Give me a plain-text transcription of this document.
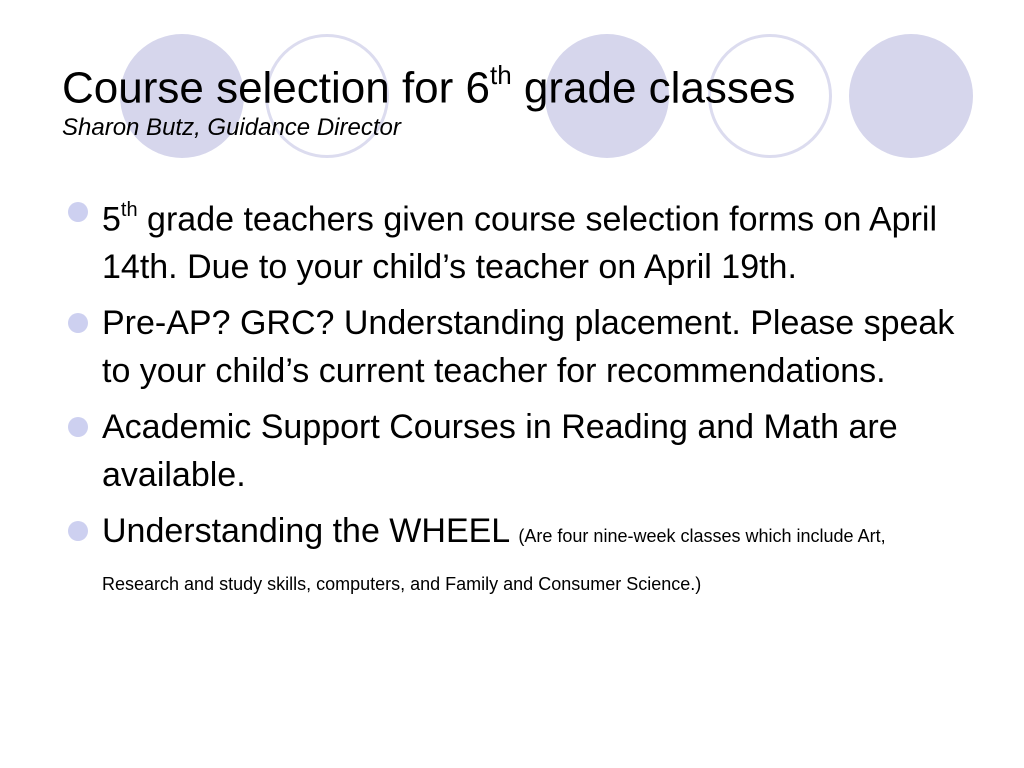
Course selection for 6th grade classes
Sharon Butz, Guidance Director
5th grade teachers given course selection forms on April 14th. Due to your child’s teacher on April 19th.
Pre-AP? GRC? Understanding placement. Please speak to your child’s current teacher for recommendations.
Academic Support Courses in Reading and Math are available.
Understanding the WHEEL (Are four nine-week classes which include Art, Research and study skills, computers, and Family and Consumer Science.)
